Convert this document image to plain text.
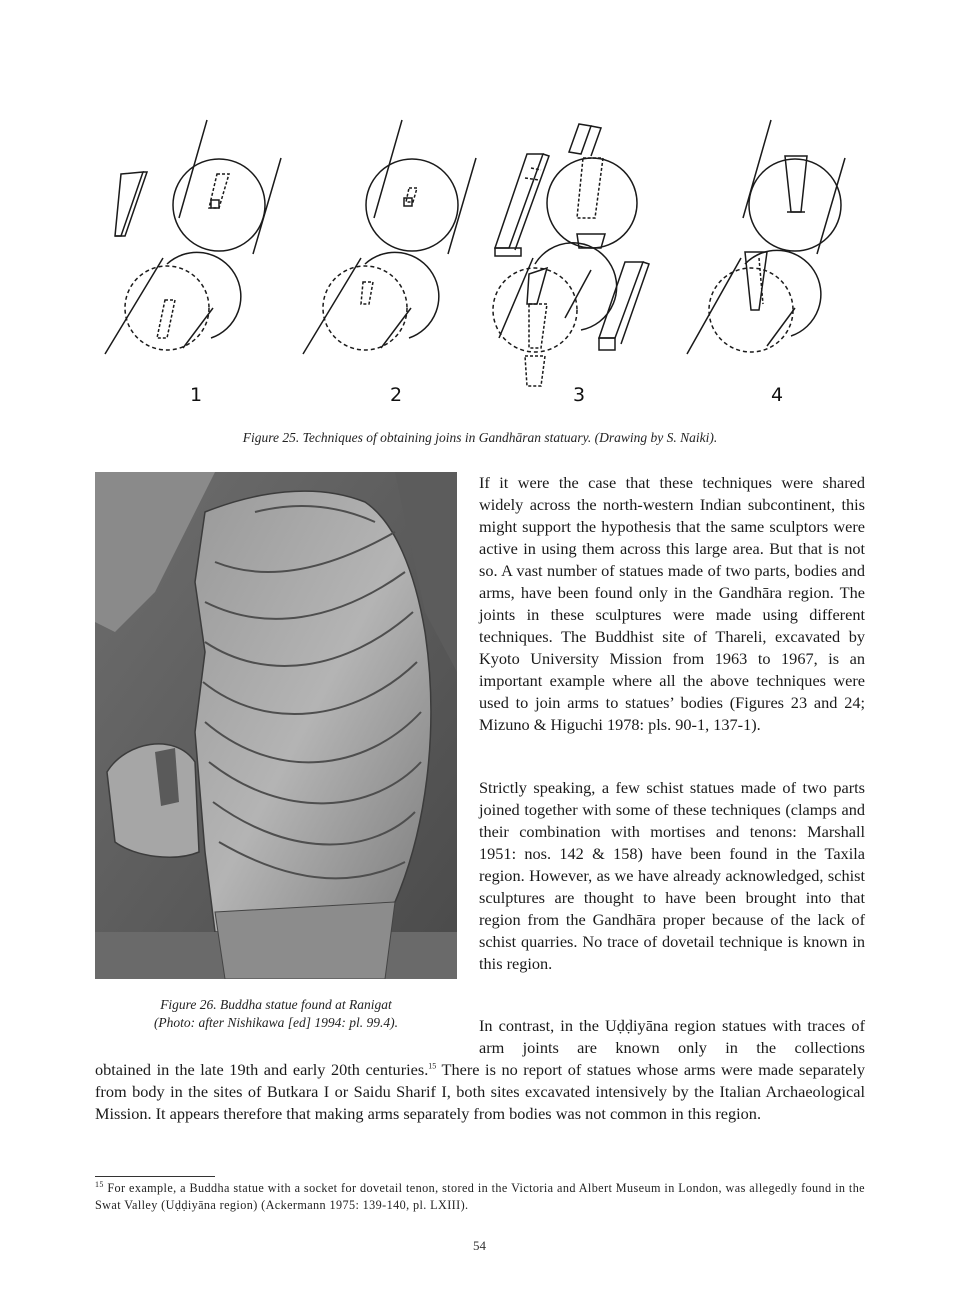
1	2	3	4
Figure 25. Techniques of obtaining joins in Gandhāran statuary. (Drawing by S. Naiki).
Figure 26. Buddha statue found at Ranigat
(Photo: after Nishikawa [ed] 1994: pl. 99.4).

If it were the case that these techniques were shared widely across the north-western Indian subcontinent, this might support the hypothesis that the same sculptors were active in using them across this large area. But that is not so. A vast number of statues made of two parts, bodies and arms, have been found only in the Gandhāra region. The joints in these sculptures were made using different techniques. The Buddhist site of Thareli, excavated by Kyoto University Mission from 1963 to 1967, is an important example where all the above techniques were used to join arms to statues’ bodies (Figures 23 and 24; Mizuno & Higuchi 1978: pls. 90-1, 137-1).

Strictly speaking, a few schist statues made of two parts joined together with some of these techniques (clamps and their combination with mortises and tenons: Marshall 1951: nos. 142 & 158) have been found in the Taxila region. However, as we have already acknowledged, schist sculptures are thought to have been brought into that region from the Gandhāra proper because of the lack of schist quarries. No trace of dovetail technique is known in this region.

In contrast, in the Uḍḍiyāna region statues with traces of arm joints are known only in the collections

obtained in the late 19th and early 20th centuries.$^{15}$ There is no report of statues whose arms were made separately from body in the sites of Butkara I or Saidu Sharif I, both sites excavated intensively by the Italian Archaeological Mission. It appears therefore that making arms separately from bodies was not common in this region.

$^{15}$ For example, a Buddha statue with a socket for dovetail tenon, stored in the Victoria and Albert Museum in London, was allegedly found in the Swat Valley (Uḍḍiyāna region) (Ackermann 1975: 139-140, pl. LXIII).

54
